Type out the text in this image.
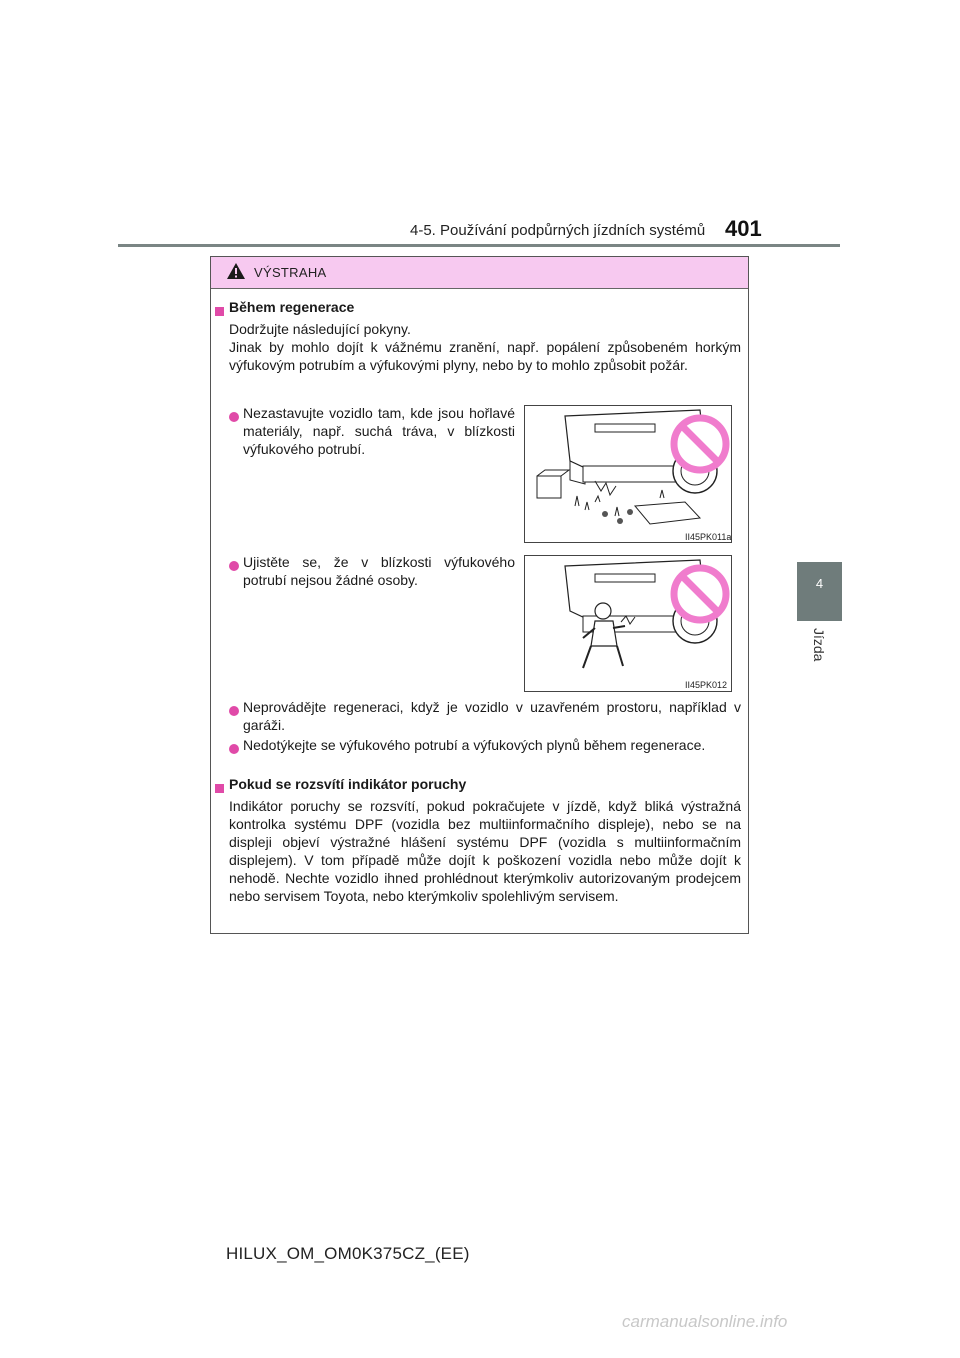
4-5. Používání podpůrných jízdních systémů 401
4
Jízda
VÝSTRAHA
Během regenerace
Dodržujte následující pokyny.
Jinak by mohlo dojít k vážnému zranění, např. popálení způsobeném horkým výfukovým potrubím a výfukovými plyny, nebo by to mohlo způsobit požár.
Nezastavujte vozidlo tam, kde jsou hořlavé materiály, např. suchá tráva, v blízkosti výfukového potrubí.
II45PK011a
Ujistěte se, že v blízkosti výfukového potrubí nejsou žádné osoby.
II45PK012
Neprovádějte regeneraci, když je vozidlo v uzavřeném prostoru, například v garáži.
Nedotýkejte se výfukového potrubí a výfukových plynů během regenerace.
Pokud se rozsvítí indikátor poruchy
Indikátor poruchy se rozsvítí, pokud pokračujete v jízdě, když bliká výstražná kontrolka systému DPF (vozidla bez multiinformačního displeje), nebo se na displeji objeví výstražné hlášení systému DPF (vozidla s multiinformačním displejem). V tom případě může dojít k poškození vozidla nebo může dojít k nehodě. Nechte vozidlo ihned prohlédnout kterýmkoliv autorizovaným prodejcem nebo servisem Toyota, nebo kterýmkoliv spolehlivým servisem.
HILUX_OM_OM0K375CZ_(EE)
carmanualsonline.info
